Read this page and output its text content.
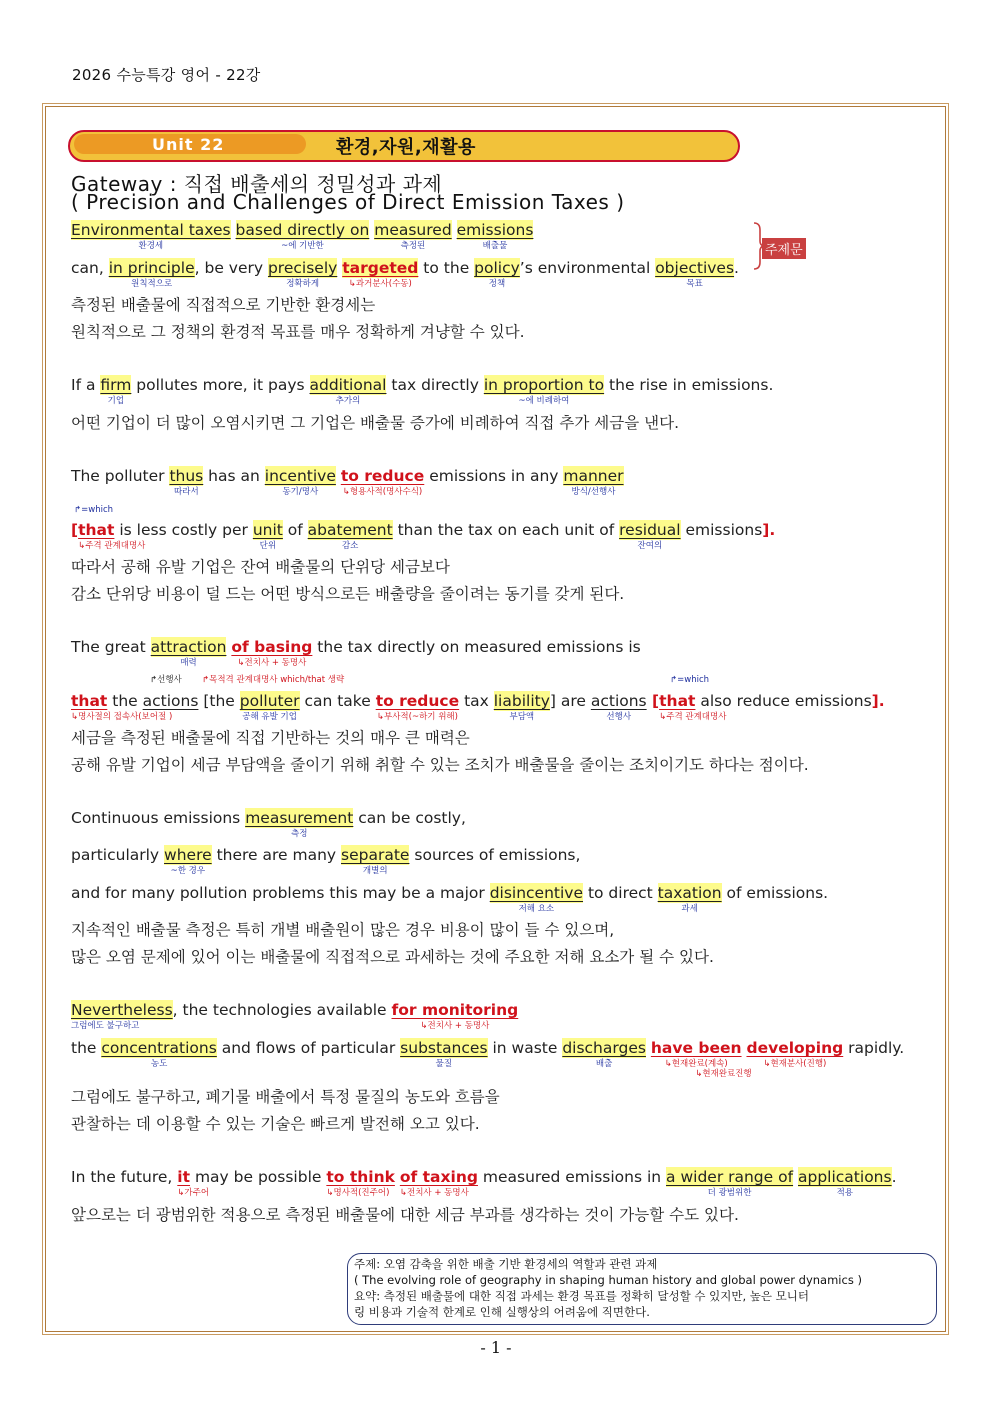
2026 수능특강 영어 - 22강
Unit 22	환경,자원,재활용
Gateway : 직접 배출세의 정밀성과 과제
( Precision and Challenges of Direct Emission Taxes )
주제문
Environmental taxes
환경세
based directly on
~에 기반한
measured
측정된
emissions
배출물
can, in principle
원칙적으로
, be very precisely
정확하게
targeted
↳과거분사(수동)
to the policy
정책
’s environmental objectives
목표
.
측정된 배출물에 직접적으로 기반한 환경세는
원칙적으로 그 정책의 환경적 목표를 매우 정확하게 겨냥할 수 있다.
If a firm
기업
pollutes more, it pays additional
추가의
tax directly in proportion to
~에 비례하여
the rise in emissions.
어떤 기업이 더 많이 오염시키면 그 기업은 배출물 증가에 비례하여 직접 추가 세금을 낸다.
The polluter thus
따라서
has an incentive
동기/명사
to reduce
↳형용사적(명사수식)
emissions in any manner
방식/선행사
↱=which
[that
↳주격 관계대명사
is less costly per unit
단위
of abatement
감소
than the tax on each unit of residual
잔여의
emissions].
따라서 공해 유발 기업은 잔여 배출물의 단위당 세금보다
감소 단위당 비용이 덜 드는 어떤 방식으로든 배출량을 줄이려는 동기를 갖게 된다.
The great attraction
매력
of basing
↳전치사 + 동명사
the tax directly on measured emissions is
↱선행사 ↱목적격 관계대명사 which/that 생략	↱=which
that
↳명사절의 접속사(보어절 )
the actions [the polluter
공해 유발 기업
can take to reduce
↳부사적(~하기 위해)
tax liability
부담액
] are actions
선행사
[that
↳주격 관계대명사
also reduce emissions].
세금을 측정된 배출물에 직접 기반하는 것의 매우 큰 매력은
공해 유발 기업이 세금 부담액을 줄이기 위해 취할 수 있는 조치가 배출물을 줄이는 조치이기도 하다는 점이다.
Continuous emissions measurement
측정
can be costly,
particularly where
~한 경우
there are many separate
개별의
sources of emissions,
and for many pollution problems this may be a major disincentive
저해 요소
to direct taxation
과세
of emissions.
지속적인 배출물 측정은 특히 개별 배출원이 많은 경우 비용이 많이 들 수 있으며,
많은 오염 문제에 있어 이는 배출물에 직접적으로 과세하는 것에 주요한 저해 요소가 될 수 있다.
Nevertheless
그럼에도 불구하고
, the technologies available for monitoring
↳전치사 + 동명사
the concentrations
농도
and flows of particular substances
물질
in waste discharges
배출
have been
↳현재완료(계속)
↳현재완료진행
developing
↳현재분사(진행)
rapidly.
그럼에도 불구하고, 폐기물 배출에서 특정 물질의 농도와 흐름을
관찰하는 데 이용할 수 있는 기술은 빠르게 발전해 오고 있다.
In the future, it
↳가주어
may be possible to think
↳명사적(진주어)
of taxing
↳전치사 + 동명사
measured emissions in a wider range of
더 광범위한
applications
적용
.
앞으로는 더 광범위한 적용으로 측정된 배출물에 대한 세금 부과를 생각하는 것이 가능할 수도 있다.
주제: 오염 감축을 위한 배출 기반 환경세의 역할과 관련 과제
( The evolving role of geography in shaping human history and global power dynamics )
요약: 측정된 배출물에 대한 직접 과세는 환경 목표를 정확히 달성할 수 있지만, 높은 모니터
링 비용과 기술적 한계로 인해 실행상의 어려움에 직면한다.
- 1 -
